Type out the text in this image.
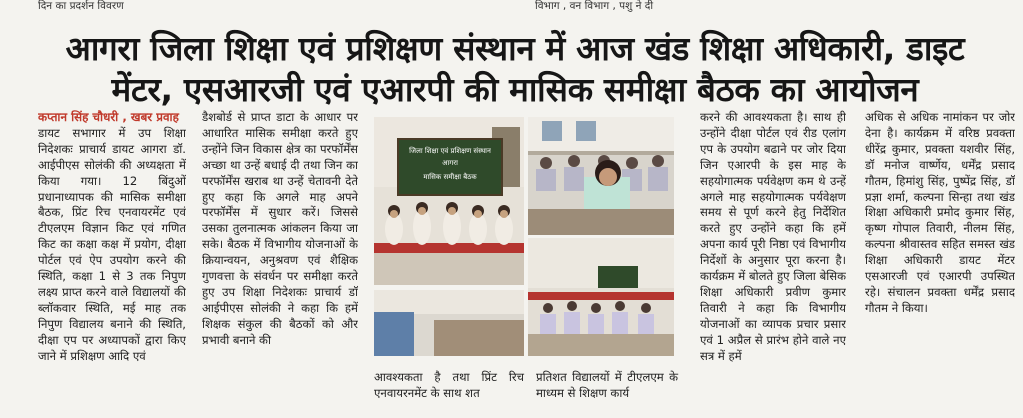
दिन का प्रदर्शन विवरण	विभाग , वन विभाग , पशु ने दी
आगरा जिला शिक्षा एवं प्रशिक्षण संस्थान में आज खंड शिक्षा अधिकारी, डाइट
मेंटर, एसआरजी एवं एआरपी की मासिक समीक्षा बैठक का आयोजन
कप्तान सिंह चौधरी , खबर प्रवाह
डायट सभागार में उप शिक्षा निदेशकः प्राचार्य डायट आगरा डॉ. आईपीएस सोलंकी की अध्यक्षता में किया गया। 12 बिंदुओं प्रधानाध्यापक की मासिक समीक्षा बैठक, प्रिंट रिच एनवायरमेंट एवं टीएलएम विज्ञान किट एवं गणित किट का कक्षा कक्ष में प्रयोग, दीक्षा पोर्टल एवं ऐप उपयोग करने की स्थिति, कक्षा 1 से 3 तक निपुण लक्ष्य प्राप्त करने वाले विद्यालयों की ब्लॉकवार स्थिति, मई माह तक निपुण विद्यालय बनाने की स्थिति, दीक्षा एप पर अध्यापकों द्वारा किए जाने में प्रशिक्षण आदि एवं
डैशबोर्ड से प्राप्त डाटा के आधार पर आधारित मासिक समीक्षा करते हुए उन्होंने जिन विकास क्षेत्र का परफॉर्मेंस अच्छा था उन्हें बधाई दी तथा जिन का परफॉर्मेंस खराब था उन्हें चेतावनी देते हुए कहा कि अगले माह अपने परफॉर्मेंस में सुधार करें। जिससे उसका तुलनात्मक आंकलन किया जा सके। बैठक में विभागीय योजनाओं के क्रियान्वयन, अनुश्रवण एवं शैक्षिक गुणवत्ता के संवर्धन पर समीक्षा करते हुए उप शिक्षा निदेशकः प्राचार्य डॉ आईपीएस सोलंकी ने कहा कि हमें शिक्षक संकुल की बैठकों को और प्रभावी बनाने की
जिला शिक्षा एवं प्रशिक्षण संस्थान
आगरा
मासिक समीक्षा बैठक
आवश्यकता है तथा प्रिंट रिच एनवायरनमेंट के साथ शत
प्रतिशत विद्यालयों में टीएलएम के माध्यम से शिक्षण कार्य
करने की आवश्यकता है। साथ ही उन्होंने दीक्षा पोर्टल एवं रीड एलांग एप के उपयोग बढाने पर जोर दिया जिन एआरपी के इस माह के सहयोगात्मक पर्यवेक्षण कम थे उन्हें अगले माह सहयोगात्मक पर्यवेक्षण समय से पूर्ण करने हेतु निर्देशित करते हुए उन्होंने कहा कि हमें अपना कार्य पूरी निष्ठा एवं विभागीय निर्देशों के अनुसार पूरा करना है। कार्यक्रम में बोलते हुए जिला बेसिक शिक्षा अधिकारी प्रवीण कुमार तिवारी ने कहा कि विभागीय योजनाओं का व्यापक प्रचार प्रसार एवं 1 अप्रैल से प्रारंभ होने वाले नए सत्र में हमें
अधिक से अधिक नामांकन पर जोर देना है। कार्यक्रम में वरिष्ठ प्रवक्ता धीरेंद्र कुमार, प्रवक्ता यशवीर सिंह, डॉ मनोज वार्ष्णेय, धर्मेंद्र प्रसाद गौतम, हिमांशु सिंह, पुष्पेंद्र सिंह, डॉ प्रज्ञा शर्मा, कल्पना सिन्हा तथा खंड शिक्षा अधिकारी प्रमोद कुमार सिंह, कृष्ण गोपाल तिवारी, नीलम सिंह, कल्पना श्रीवास्तव सहित समस्त खंड शिक्षा अधिकारी डायट मेंटर एसआरजी एवं एआरपी उपस्थित रहे। संचालन प्रवक्ता धर्मेंद्र प्रसाद गौतम ने किया।
